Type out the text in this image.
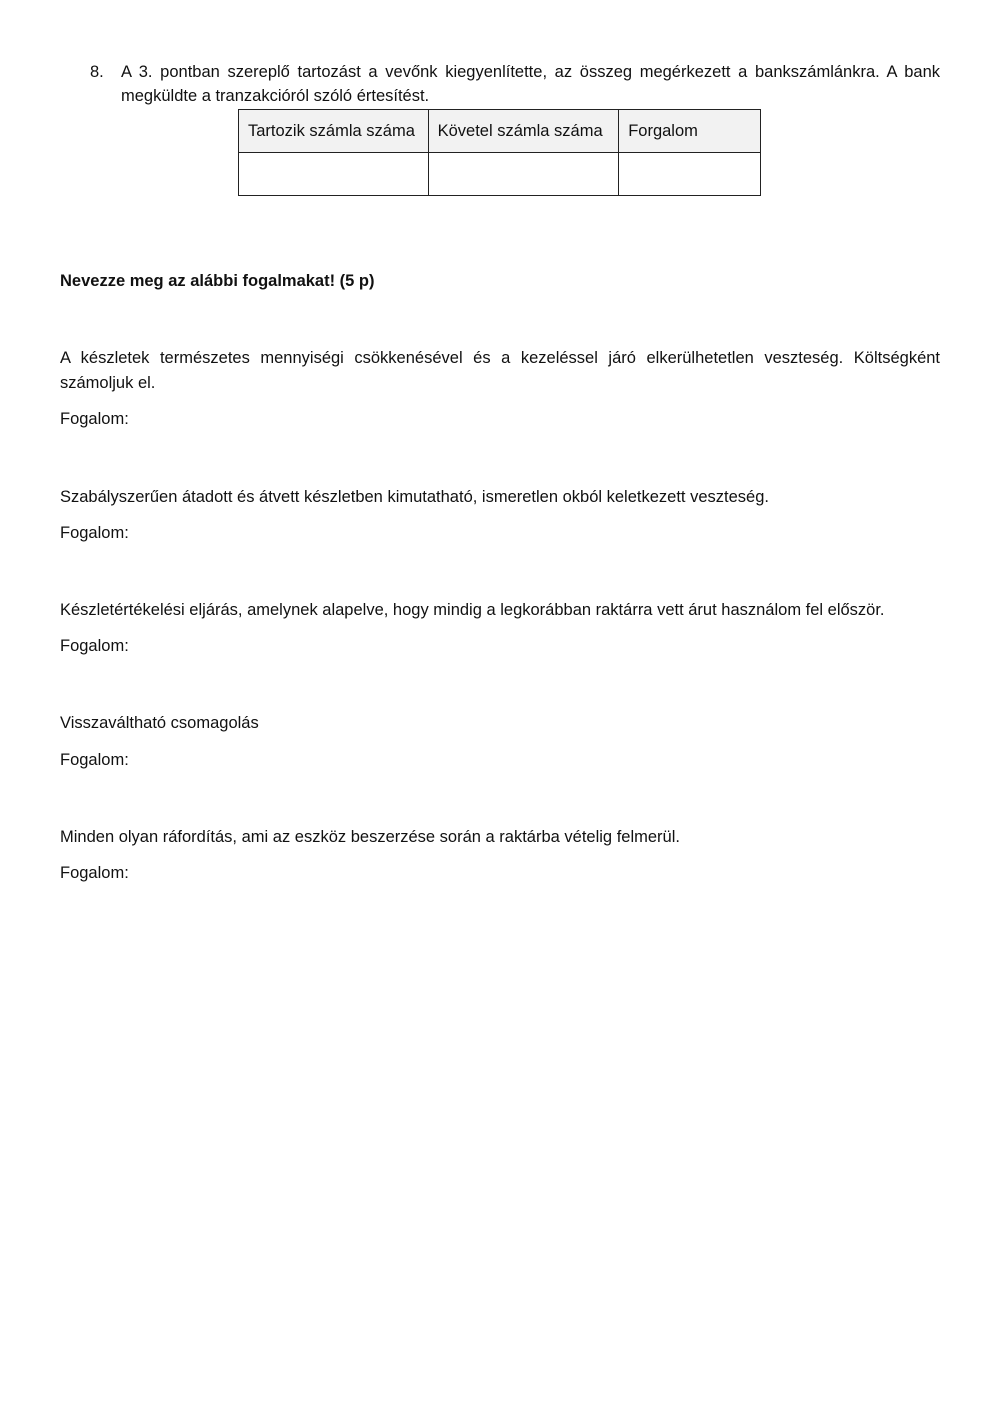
8. A 3. pontban szereplő tartozást a vevőnk kiegyenlítette, az összeg megérkezett a bankszámlánkra. A bank megküldte a tranzakcióról szóló értesítést.
Tartozik számla száma	Követel számla száma	Forgalom

Nevezze meg az alábbi fogalmakat! (5 p)
A készletek természetes mennyiségi csökkenésével és a kezeléssel járó elkerülhetetlen veszteség. Költségként számoljuk el.
Fogalom:
Szabályszerűen átadott és átvett készletben kimutatható, ismeretlen okból keletkezett veszteség.
Fogalom:
Készletértékelési eljárás, amelynek alapelve, hogy mindig a legkorábban raktárra vett árut használom fel először.
Fogalom:
Visszaváltható csomagolás
Fogalom:
Minden olyan ráfordítás, ami az eszköz beszerzése során a raktárba vételig felmerül.
Fogalom:
